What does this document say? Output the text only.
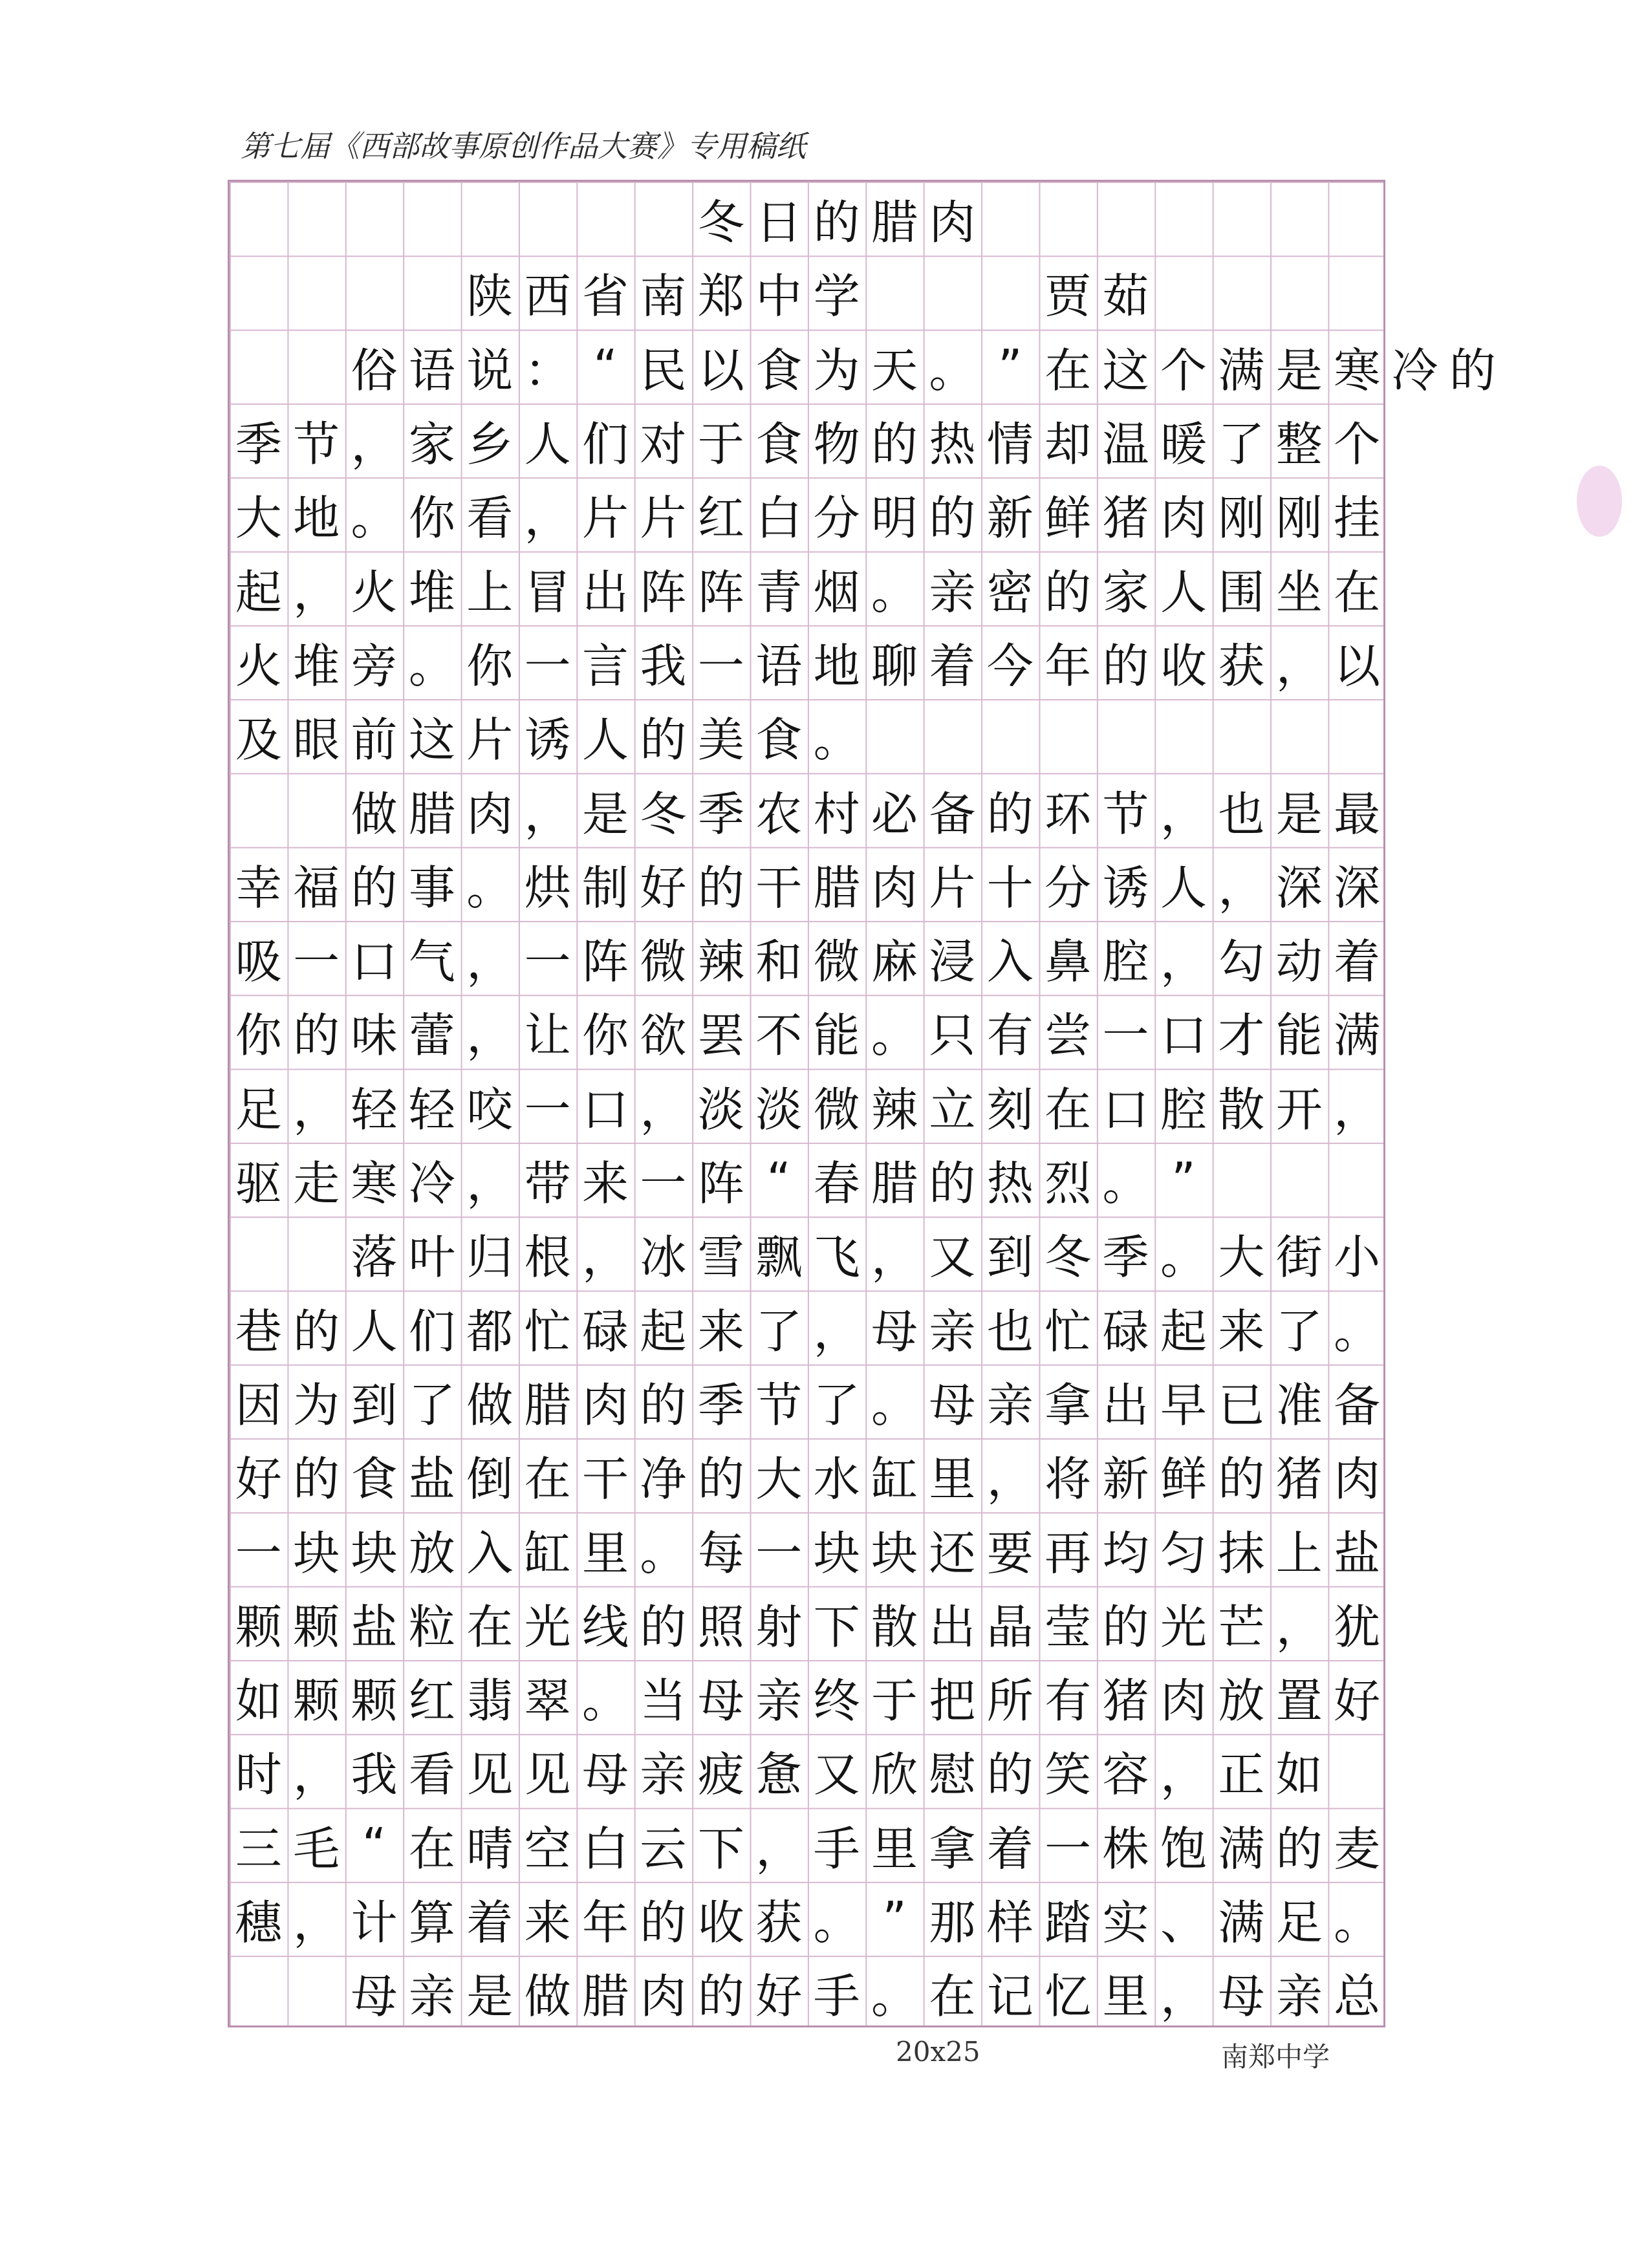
第七届《西部故事原创作品大赛》专用稿纸
冬 日 的 腊 肉
陕 西 省 南 郑 中 学	贾 茹
俗 语 说 ： “ 民 以 食 为 天 。 ” 在 这 个 满 是 寒 冷 的
季 节 ， 家 乡 人 们 对 于 食 物 的 热 情 却 温 暖 了 整 个
大 地 。 你 看 ， 片 片 红 白 分 明 的 新 鲜 猪 肉 刚 刚 挂
起 ， 火 堆 上 冒 出 阵 阵 青 烟 。 亲 密 的 家 人 围 坐 在
火 堆 旁 。 你 一 言 我 一 语 地 聊 着 今 年 的 收 获 ， 以
及 眼 前 这 片 诱 人 的 美 食 。
做 腊 肉 ， 是 冬 季 农 村 必 备 的 环 节 ， 也 是 最
幸 福 的 事 。 烘 制 好 的 干 腊 肉 片 十 分 诱 人 ， 深 深
吸 一 口 气 ， 一 阵 微 辣 和 微 麻 浸 入 鼻 腔 ， 勾 动 着
你 的 味 蕾 ， 让 你 欲 罢 不 能 。 只 有 尝 一 口 才 能 满
足 ， 轻 轻 咬 一 口 ， 淡 淡 微 辣 立 刻 在 口 腔 散 开 ，
驱 走 寒 冷 ， 带 来 一 阵 “ 春 腊 的 热 烈 。 ”
落 叶 归 根 ， 冰 雪 飘 飞 ， 又 到 冬 季 。 大 街 小
巷 的 人 们 都 忙 碌 起 来 了 ， 母 亲 也 忙 碌 起 来 了 。
因 为 到 了 做 腊 肉 的 季 节 了 。 母 亲 拿 出 早 已 准 备
好 的 食 盐 倒 在 干 净 的 大 水 缸 里 ， 将 新 鲜 的 猪 肉
一 块 块 放 入 缸 里 。 每 一 块 块 还 要 再 均 匀 抹 上 盐
颗 颗 盐 粒 在 光 线 的 照 射 下 散 出 晶 莹 的 光 芒 ， 犹
如 颗 颗 红 翡 翠 。 当 母 亲 终 于 把 所 有 猪 肉 放 置 好
时 ， 我 看 见 见 母 亲 疲 惫 又 欣 慰 的 笑 容 ， 正 如
三 毛 “ 在 晴 空 白 云 下 ， 手 里 拿 着 一 株 饱 满 的 麦
穗 ， 计 算 着 来 年 的 收 获 。 ” 那 样 踏 实 、 满 足 。
母 亲 是 做 腊 肉 的 好 手 。 在 记 忆 里 ， 母 亲 总
20x25	南郑中学
